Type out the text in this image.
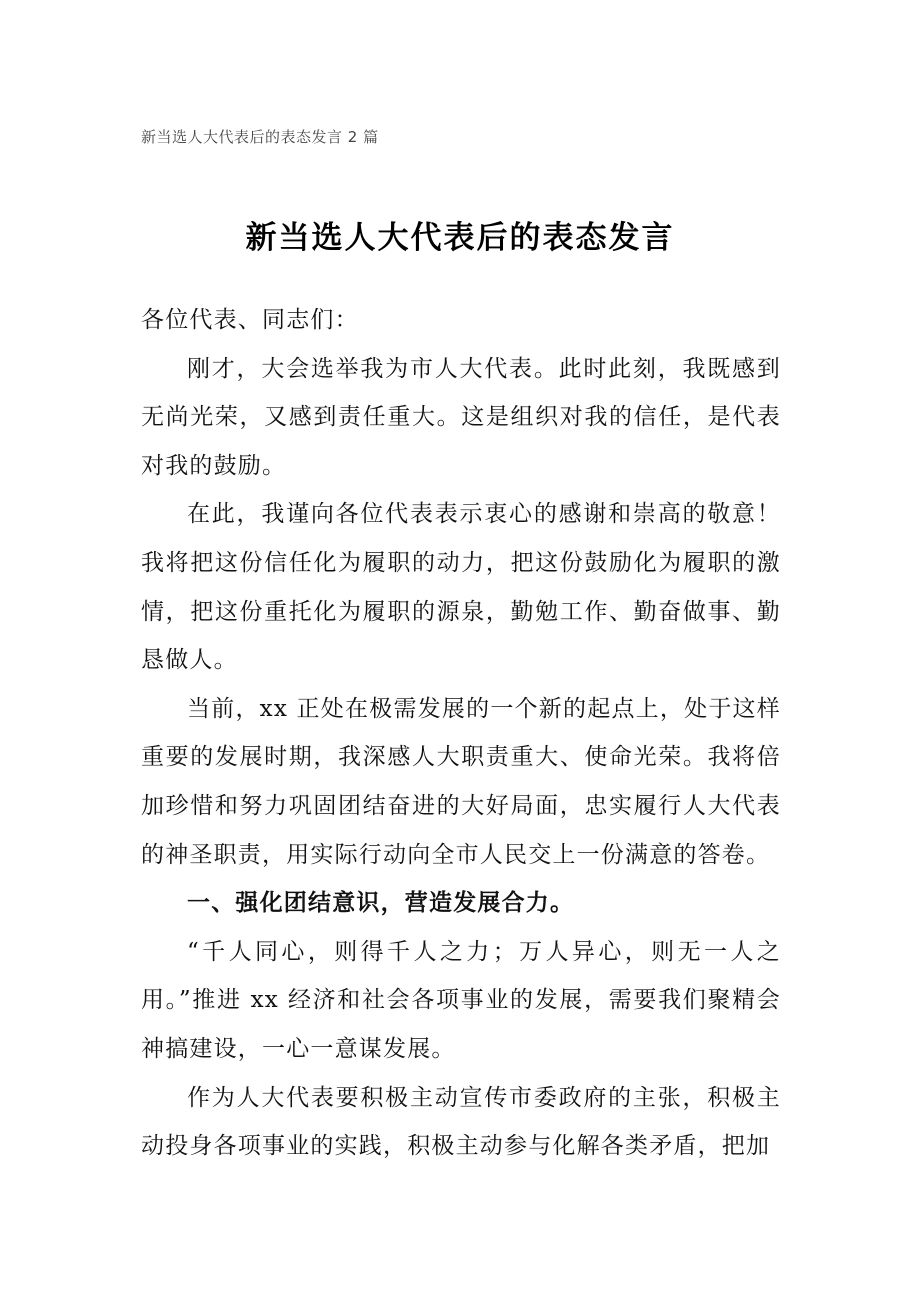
新当选人大代表后的表态发言 2 篇
新当选人大代表后的表态发言

各位代表、同志们：

刚才，大会选举我为市人大代表。此时此刻，我既感到无尚光荣，又感到责任重大。这是组织对我的信任，是代表对我的鼓励。

在此，我谨向各位代表表示衷心的感谢和崇高的敬意！我将把这份信任化为履职的动力，把这份鼓励化为履职的激情，把这份重托化为履职的源泉，勤勉工作、勤奋做事、勤恳做人。

当前，xx 正处在极需发展的一个新的起点上，处于这样重要的发展时期，我深感人大职责重大、使命光荣。我将倍加珍惜和努力巩固团结奋进的大好局面，忠实履行人大代表的神圣职责，用实际行动向全市人民交上一份满意的答卷。

一、强化团结意识，营造发展合力。

“千人同心，则得千人之力；万人异心，则无一人之用。”推进 xx 经济和社会各项事业的发展，需要我们聚精会神搞建设，一心一意谋发展。

作为人大代表要积极主动宣传市委政府的主张，积极主动投身各项事业的实践，积极主动参与化解各类矛盾，把加
